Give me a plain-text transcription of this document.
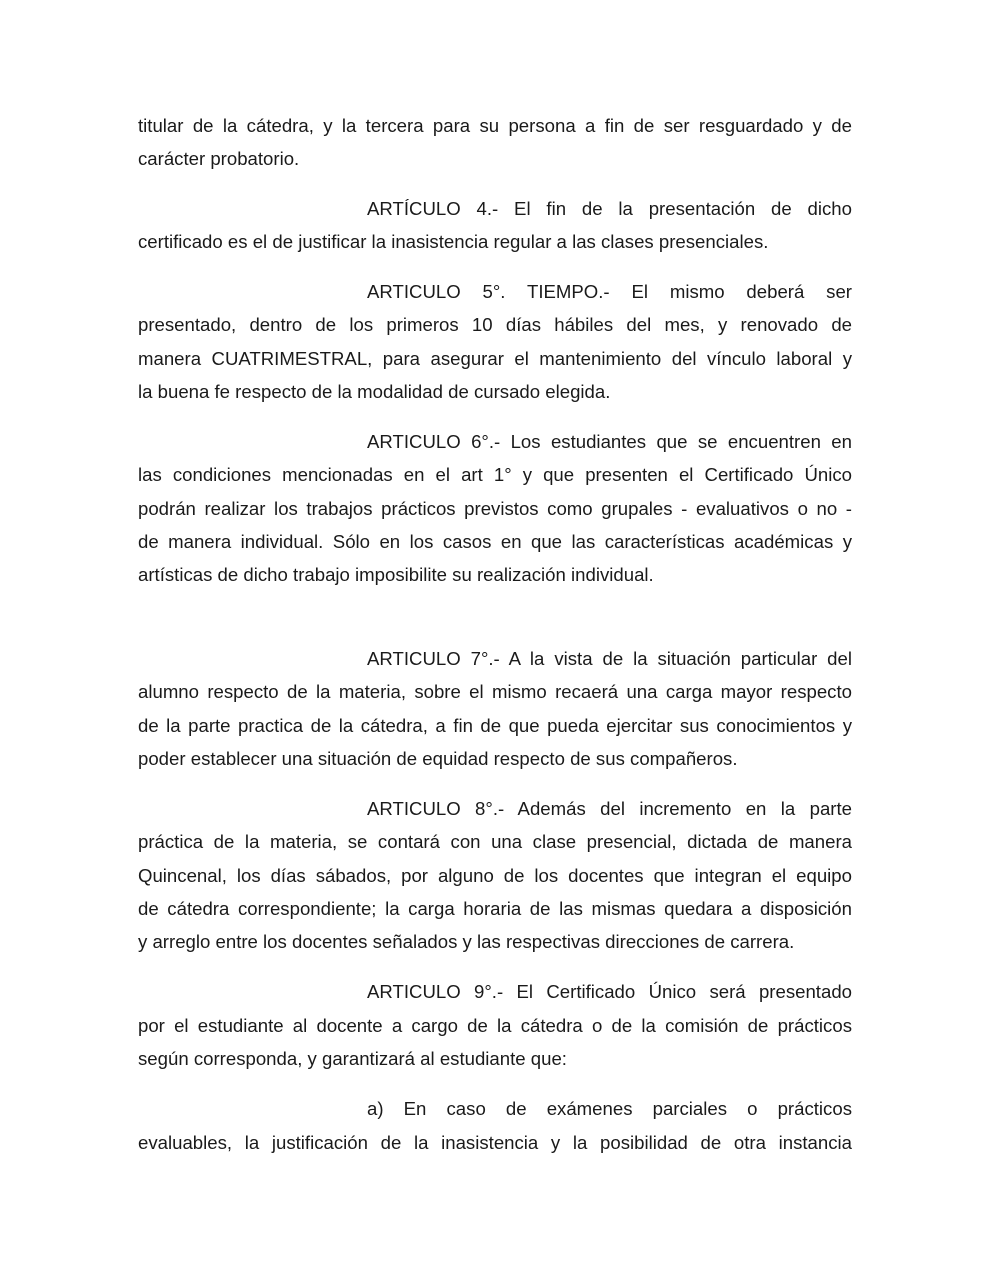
titular de la cátedra, y la tercera para su persona a fin de ser resguardado y de
carácter probatorio.
ARTÍCULO 4.- El fin de la presentación de dicho
certificado es el de justificar la inasistencia regular a las clases presenciales.
ARTICULO 5°. TIEMPO.- El mismo deberá ser
presentado, dentro de los primeros 10 días hábiles del mes, y renovado de
manera CUATRIMESTRAL, para asegurar el mantenimiento del vínculo laboral y
la buena fe respecto de la modalidad de cursado elegida.
ARTICULO 6°.- Los estudiantes que se encuentren en
las condiciones mencionadas en el art 1° y que presenten el Certificado Único
podrán realizar los trabajos prácticos previstos como grupales - evaluativos o no -
de manera individual. Sólo en los casos en que las características académicas y
artísticas de dicho trabajo imposibilite su realización individual.
ARTICULO 7°.- A la vista de la situación particular del
alumno respecto de la materia, sobre el mismo recaerá una carga mayor respecto
de la parte practica de la cátedra, a fin de que pueda ejercitar sus conocimientos y
poder establecer una situación de equidad respecto de sus compañeros.
ARTICULO 8°.- Además del incremento en la parte
práctica de la materia, se contará con una clase presencial, dictada de manera
Quincenal, los días sábados, por alguno de los docentes que integran el equipo
de cátedra correspondiente; la carga horaria de las mismas quedara a disposición
y arreglo entre los docentes señalados y las respectivas direcciones de carrera.
ARTICULO 9°.- El Certificado Único será presentado
por el estudiante al docente a cargo de la cátedra o de la comisión de prácticos
según corresponda, y garantizará al estudiante que:
a) En caso de exámenes parciales o prácticos
evaluables, la justificación de la inasistencia y la posibilidad de otra instancia
